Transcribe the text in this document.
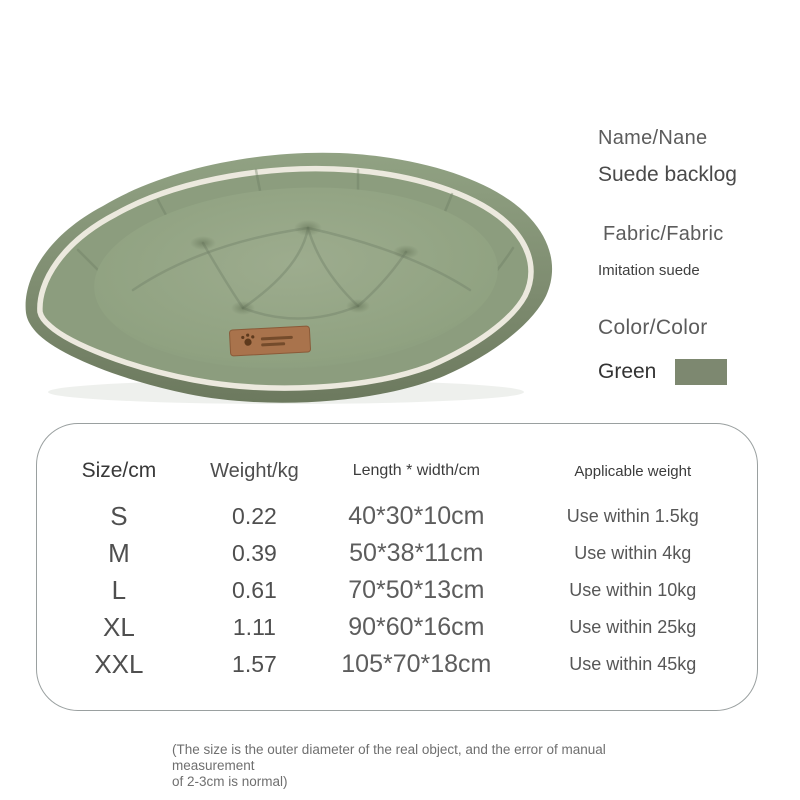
Name/Nane
Suede backlog
Fabric/Fabric
Imitation suede
Color/Color
Green
Size/cm	Weight/kg	Length * width/cm	Applicable weight
S	0.22	40*30*10cm	Use within 1.5kg
M	0.39	50*38*11cm	Use within 4kg
L	0.61	70*50*13cm	Use within 10kg
XL	1.11	90*60*16cm	Use within 25kg
XXL	1.57	105*70*18cm	Use within 45kg
(The size is the outer diameter of the real object, and the error of manual measurement
of 2-3cm is normal)
